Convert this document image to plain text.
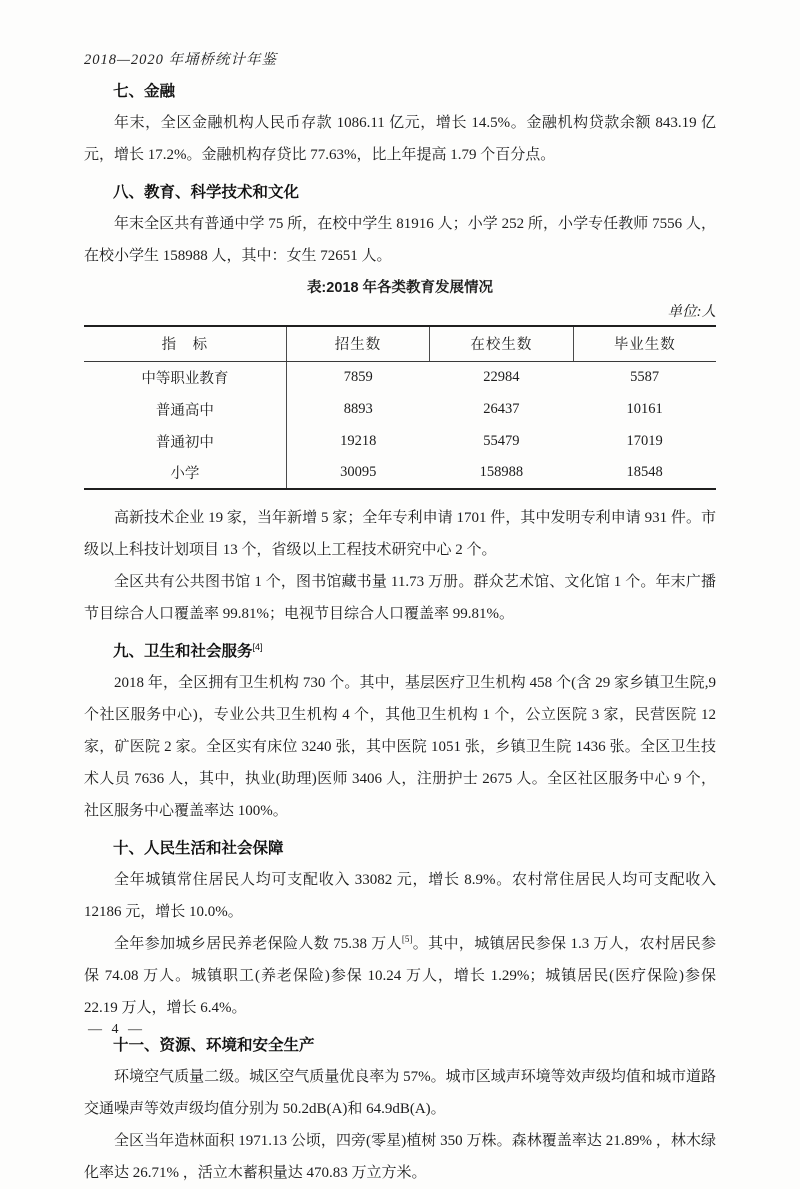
2018—2020 年埇桥统计年鉴
七、金融

年末，全区金融机构人民币存款 1086.11 亿元，增长 14.5%。金融机构贷款余额 843.19 亿元，增长 17.2%。金融机构存贷比 77.63%，比上年提高 1.79 个百分点。

八、教育、科学技术和文化

年末全区共有普通中学 75 所，在校中学生 81916 人；小学 252 所，小学专任教师 7556 人，在校小学生 158988 人，其中：女生 72651 人。

表:2018 年各类教育发展情况
单位:人
指　标	招生数	在校生数	毕业生数
中等职业教育	7859	22984	5587
普通高中	8893	26437	10161
普通初中	19218	55479	17019
小学	30095	158988	18548

高新技术企业 19 家，当年新增 5 家；全年专利申请 1701 件，其中发明专利申请 931 件。市级以上科技计划项目 13 个，省级以上工程技术研究中心 2 个。

全区共有公共图书馆 1 个，图书馆藏书量 11.73 万册。群众艺术馆、文化馆 1 个。年末广播节目综合人口覆盖率 99.81%；电视节目综合人口覆盖率 99.81%。

九、卫生和社会服务[4]

2018 年，全区拥有卫生机构 730 个。其中，基层医疗卫生机构 458 个(含 29 家乡镇卫生院,9 个社区服务中心)，专业公共卫生机构 4 个，其他卫生机构 1 个，公立医院 3 家，民营医院 12 家，矿医院 2 家。全区实有床位 3240 张，其中医院 1051 张，乡镇卫生院 1436 张。全区卫生技术人员 7636 人，其中，执业(助理)医师 3406 人，注册护士 2675 人。全区社区服务中心 9 个，社区服务中心覆盖率达 100%。

十、人民生活和社会保障

全年城镇常住居民人均可支配收入 33082 元，增长 8.9%。农村常住居民人均可支配收入 12186 元，增长 10.0%。

全年参加城乡居民养老保险人数 75.38 万人[5]。其中，城镇居民参保 1.3 万人，农村居民参保 74.08 万人。城镇职工(养老保险)参保 10.24 万人，增长 1.29%；城镇居民(医疗保险)参保 22.19 万人，增长 6.4%。

十一、资源、环境和安全生产

环境空气质量二级。城区空气质量优良率为 57%。城市区域声环境等效声级均值和城市道路交通噪声等效声级均值分别为 50.2dB(A)和 64.9dB(A)。

全区当年造林面积 1971.13 公顷，四旁(零星)植树 350 万株。森林覆盖率达 21.89% ，林木绿化率达 26.71% ，活立木蓄积量达 470.83 万立方米。

— 4 —
